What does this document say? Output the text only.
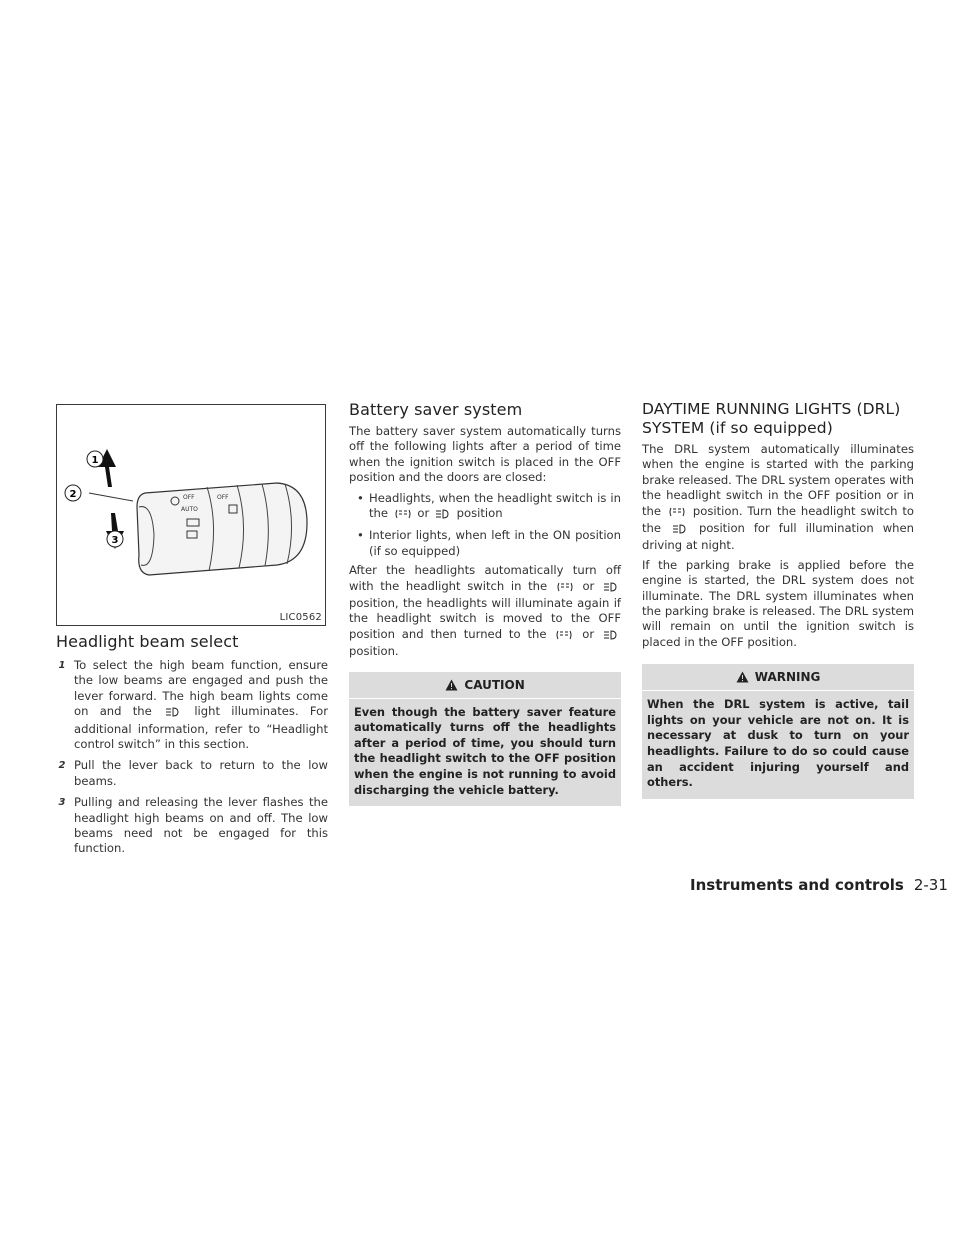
OFF
AUTO
OFF
1
2
3
LIC0562
Headlight beam select
1 To select the high beam function, ensure the low beams are engaged and push the lever forward. The high beam lights come on and the	light illuminates. For additional information, refer to “Headlight control switch” in this section.
2 Pull the lever back to return to the low beams.
3 Pulling and releasing the lever flashes the headlight high beams on and off. The low beams need not be engaged for this function.
Battery saver system

The battery saver system automatically turns off the following lights after a period of time when the ignition switch is placed in the OFF position and the doors are closed:

• Headlights, when the headlight switch is in the	or position
• Interior lights, when left in the ON position (if so equipped)

After the headlights automatically turn off with the headlight switch in the	or  position, the headlights will illuminate again if the headlight switch is moved to the OFF position and then turned to the	or  position.

CAUTION
Even though the battery saver feature automatically turns off the headlights after a period of time, you should turn the headlight switch to the OFF position when the engine is not running to avoid discharging the vehicle battery.
DAYTIME RUNNING LIGHTS (DRL)
SYSTEM (if so equipped)

The DRL system automatically illuminates when the engine is started with the parking brake released. The DRL system operates with the headlight switch in the OFF position or in the	position. Turn the headlight switch to the	position for full illumination when driving at night.

If the parking brake is applied before the engine is started, the DRL system does not illuminate. The DRL system illuminates when the parking brake is released. The DRL system will remain on until the ignition switch is placed in the OFF position.

WARNING
When the DRL system is active, tail lights on your vehicle are not on. It is necessary at dusk to turn on your headlights. Failure to do so could cause an accident injuring yourself and others.
Instruments and controls 2-31
